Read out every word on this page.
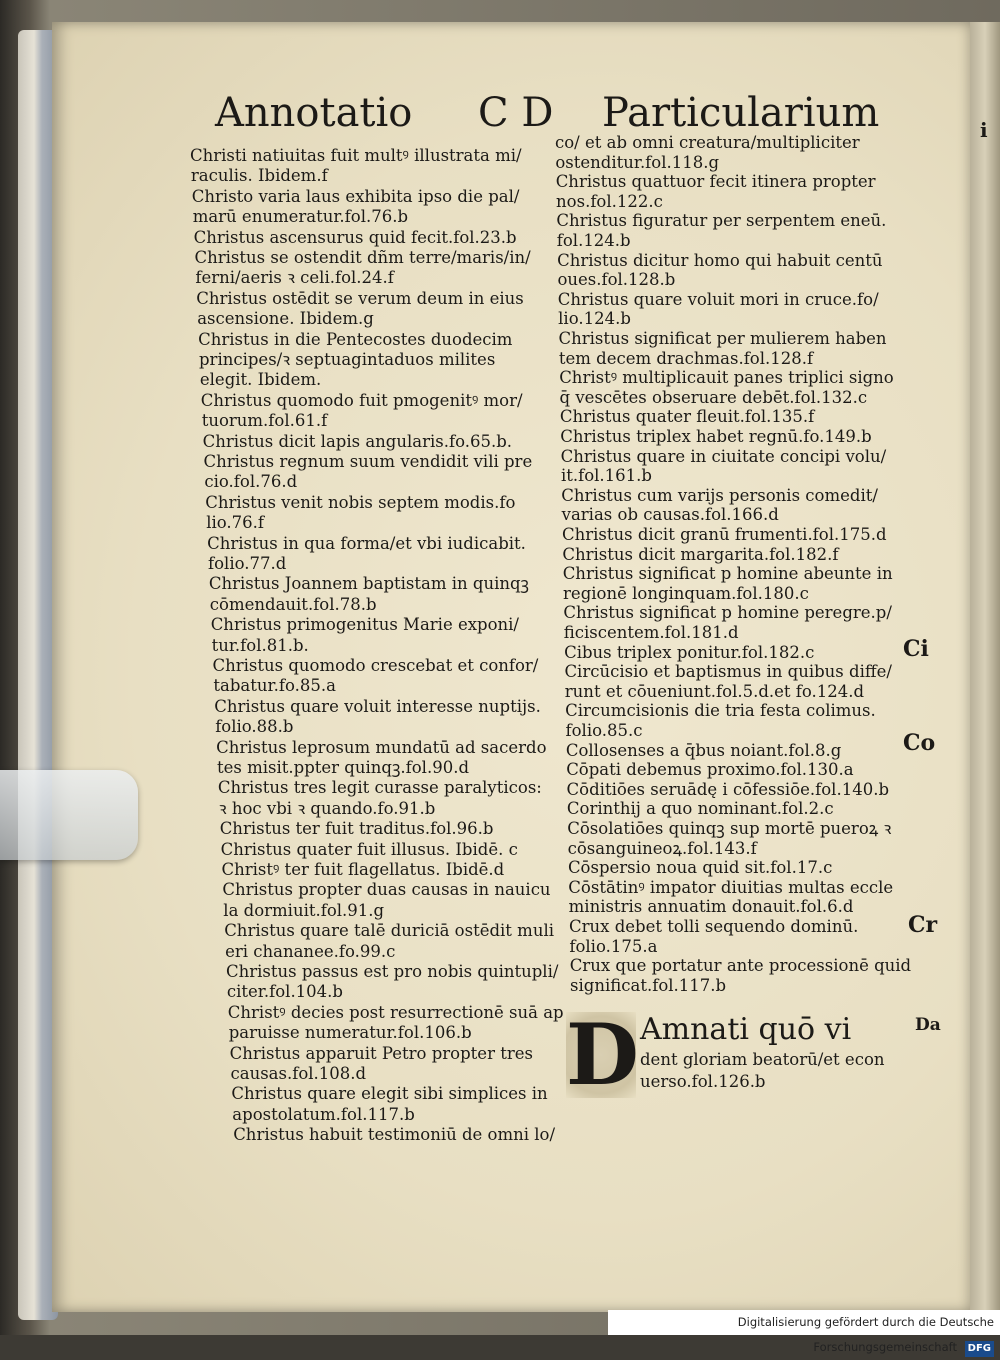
i
Annotatio C D Particularium
Christi natiuitas fuit multꝰ illustrata mi/
raculis. Ibidem.f
Christo varia laus exhibita ipso die pal/
marū enumeratur.fol.76.b
Christus ascensurus quid fecit.fol.23.b
Christus se ostendit dñm terre/maris/in/
ferni/aeris ꝛ celi.fol.24.f
Christus ostēdit se verum deum in eius
ascensione. Ibidem.g
Christus in die Pentecostes duodecim
principes/ꝛ septuagintaduos milites
elegit. Ibidem.
Christus quomodo fuit pmogenitꝰ mor/
tuorum.fol.61.f
Christus dicit lapis angularis.fo.65.b.
Christus regnum suum vendidit vili pre
cio.fol.76.d
Christus venit nobis septem modis.fo
lio.76.f
Christus in qua forma/et vbi iudicabit.
folio.77.d
Christus Joannem baptistam in quinqꝫ
cōmendauit.fol.78.b
Christus primogenitus Marie exponi/
tur.fol.81.b.
Christus quomodo crescebat et confor/
tabatur.fo.85.a
Christus quare voluit interesse nuptijs.
folio.88.b
Christus leprosum mundatū ad sacerdo
tes misit.ppter quinqꝫ.fol.90.d
Christus tres legit curasse paralyticos:
ꝛ hoc vbi ꝛ quando.fo.91.b
Christus ter fuit traditus.fol.96.b
Christus quater fuit illusus. Ibidē. c
Christꝰ ter fuit flagellatus. Ibidē.d
Christus propter duas causas in nauicu
la dormiuit.fol.91.g
Christus quare talē duriciā ostēdit muli
eri chananee.fo.99.c
Christus passus est pro nobis quintupli/
citer.fol.104.b
Christꝰ decies post resurrectionē suā ap
paruisse numeratur.fol.106.b
Christus apparuit Petro propter tres
causas.fol.108.d
Christus quare elegit sibi simplices in
apostolatum.fol.117.b
Christus habuit testimoniū de omni lo/
co/ et ab omni creatura/multipliciter
ostenditur.fol.118.g
Christus quattuor fecit itinera propter
nos.fol.122.c
Christus figuratur per serpentem eneū.
fol.124.b
Christus dicitur homo qui habuit centū
oues.fol.128.b
Christus quare voluit mori in cruce.fo/
lio.124.b
Christus significat per mulierem haben
tem decem drachmas.fol.128.f
Christꝰ multiplicauit panes triplici signo
q̄ vescētes obseruare debēt.fol.132.c
Christus quater fleuit.fol.135.f
Christus triplex habet regnū.fo.149.b
Christus quare in ciuitate concipi volu/
it.fol.161.b
Christus cum varijs personis comedit/
varias ob causas.fol.166.d
Christus dicit granū frumenti.fol.175.d
Christus dicit margarita.fol.182.f
Christus significat p homine abeunte in
regionē longinquam.fol.180.c
Christus significat p homine peregre.p/
ficiscentem.fol.181.d
Cibus triplex ponitur.fol.182.c
Circūcisio et baptismus in quibus diffe/
runt et cōueniunt.fol.5.d.et fo.124.d
Circumcisionis die tria festa colimus.
folio.85.c
Collosenses a q̄bus noiant.fol.8.g
Cōpati debemus proximo.fol.130.a
Cōditiōes seruādę i cōfessiōe.fol.140.b
Corinthij a quo nominant.fol.2.c
Cōsolatiōes quinqꝫ sup mortē pueroꝝ ꝛ
cōsanguineoꝝ.fol.143.f
Cōspersio noua quid sit.fol.17.c
Cōstātinꝰ impator diuitias multas eccle
ministris annuatim donauit.fol.6.d
Crux debet tolli sequendo dominū.
folio.175.a
Crux que portatur ante processionē quid
significat.fol.117.b
Ci
Co
Cr
Da
D Amnati quō vi
dent gloriam beatorū/et econ
uerso.fol.126.b
Digitalisierung gefördert durch die Deutsche Forschungsgemeinschaft DFG
